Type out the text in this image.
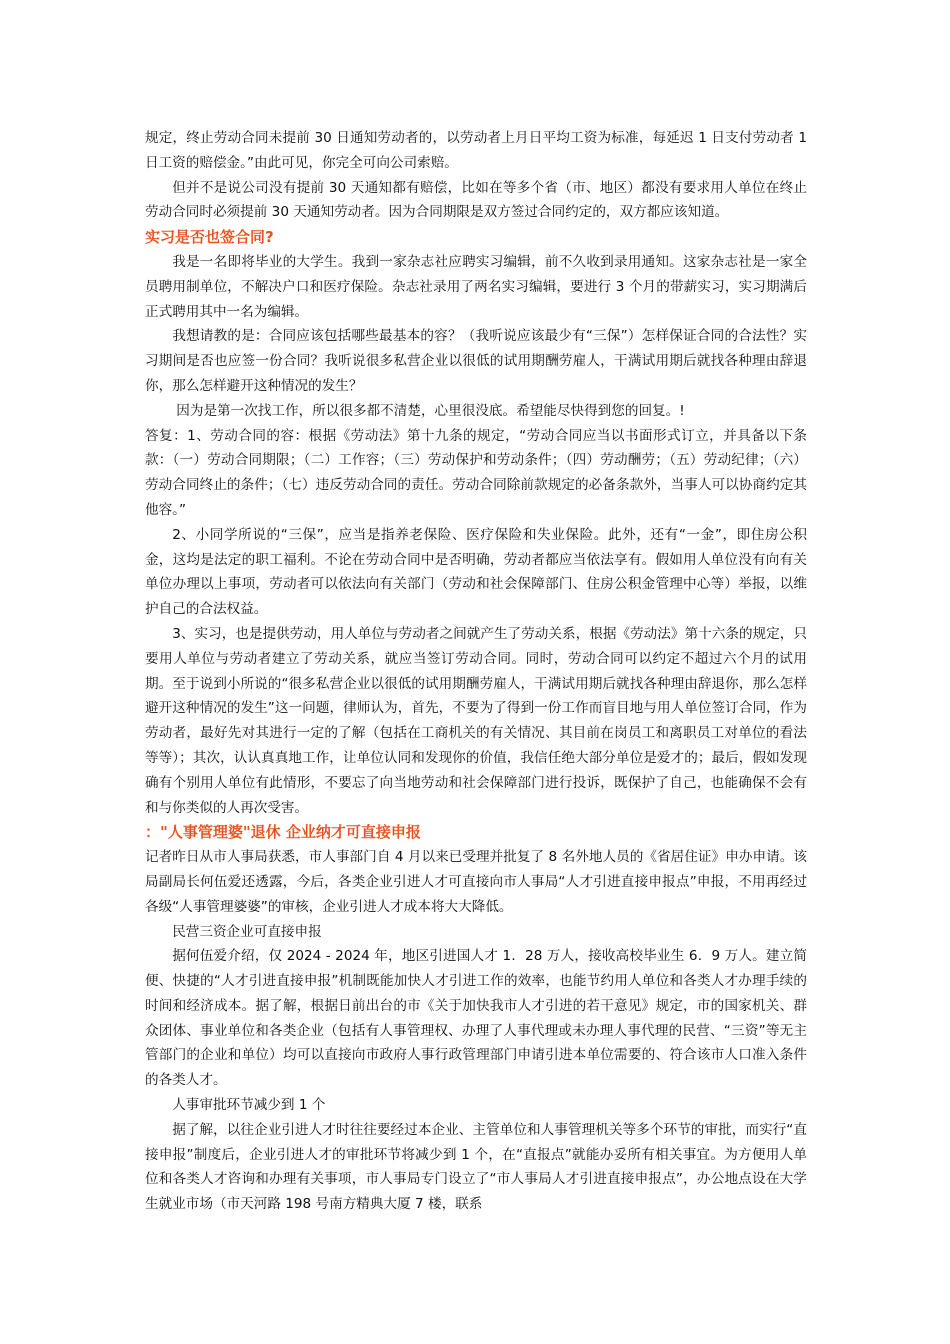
规定，终止劳动合同未提前 30 日通知劳动者的，以劳动者上月日平均工资为标准，每延迟 1 日支付劳动者 1 日工资的赔偿金。”由此可见，你完全可向公司索赔。

但并不是说公司没有提前 30 天通知都有赔偿，比如在等多个省（市、地区）都没有要求用人单位在终止劳动合同时必须提前 30 天通知劳动者。因为合同期限是双方签过合同约定的，双方都应该知道。

实习是否也签合同?

我是一名即将毕业的大学生。我到一家杂志社应聘实习编辑，前不久收到录用通知。这家杂志社是一家全员聘用制单位，不解决户口和医疗保险。杂志社录用了两名实习编辑，要进行 3 个月的带薪实习，实习期满后正式聘用其中一名为编辑。

我想请教的是：合同应该包括哪些最基本的容？（我听说应该最少有“三保”）怎样保证合同的合法性？实习期间是否也应签一份合同？我听说很多私营企业以很低的试用期酬劳雇人，干满试用期后就找各种理由辞退你，那么怎样避开这种情况的发生？

因为是第一次找工作，所以很多都不清楚，心里很没底。希望能尽快得到您的回复。!

答复：1、劳动合同的容：根据《劳动法》第十九条的规定，“劳动合同应当以书面形式订立，并具备以下条款：（一）劳动合同期限；（二）工作容；（三）劳动保护和劳动条件；（四）劳动酬劳；（五）劳动纪律；（六）劳动合同终止的条件；（七）违反劳动合同的责任。劳动合同除前款规定的必备条款外，当事人可以协商约定其他容。”

2、小同学所说的“三保”，应当是指养老保险、医疗保险和失业保险。此外，还有“一金”，即住房公积金，这均是法定的职工福利。不论在劳动合同中是否明确，劳动者都应当依法享有。假如用人单位没有向有关单位办理以上事项，劳动者可以依法向有关部门（劳动和社会保障部门、住房公积金管理中心等）举报，以维护自己的合法权益。

3、实习，也是提供劳动，用人单位与劳动者之间就产生了劳动关系，根据《劳动法》第十六条的规定，只要用人单位与劳动者建立了劳动关系，就应当签订劳动合同。同时，劳动合同可以约定不超过六个月的试用期。至于说到小所说的“很多私营企业以很低的试用期酬劳雇人，干满试用期后就找各种理由辞退你，那么怎样避开这种情况的发生”这一问题，律师认为，首先，不要为了得到一份工作而盲目地与用人单位签订合同，作为劳动者，最好先对其进行一定的了解（包括在工商机关的有关情况、其目前在岗员工和离职员工对单位的看法等等）；其次，认认真真地工作，让单位认同和发现你的价值，我信任绝大部分单位是爱才的；最后，假如发现确有个别用人单位有此情形，不要忘了向当地劳动和社会保障部门进行投诉，既保护了自己，也能确保不会有和与你类似的人再次受害。

："人事管理婆"退休 企业纳才可直接申报

记者昨日从市人事局获悉，市人事部门自 4 月以来已受理并批复了 8 名外地人员的《省居住证》申办申请。该局副局长何伍爱还透露，今后，各类企业引进人才可直接向市人事局“人才引进直接申报点”申报，不用再经过各级“人事管理婆婆”的审核，企业引进人才成本将大大降低。

民营三资企业可直接申报

据何伍爱介绍，仅 2024 - 2024 年，地区引进国人才 1．28 万人，接收高校毕业生 6．9 万人。建立简便、快捷的“人才引进直接申报”机制既能加快人才引进工作的效率，也能节约用人单位和各类人才办理手续的时间和经济成本。据了解，根据日前出台的市《关于加快我市人才引进的若干意见》规定，市的国家机关、群众团体、事业单位和各类企业（包括有人事管理权、办理了人事代理或未办理人事代理的民营、“三资”等无主管部门的企业和单位）均可以直接向市政府人事行政管理部门申请引进本单位需要的、符合该市人口准入条件的各类人才。

人事审批环节减少到 1 个

据了解，以往企业引进人才时往往要经过本企业、主管单位和人事管理机关等多个环节的审批，而实行“直接申报”制度后，企业引进人才的审批环节将减少到 1 个，在“直报点”就能办妥所有相关事宜。为方便用人单位和各类人才咨询和办理有关事项，市人事局专门设立了“市人事局人才引进直接申报点”，办公地点设在大学生就业市场（市天河路 198 号南方精典大厦 7 楼，联系
